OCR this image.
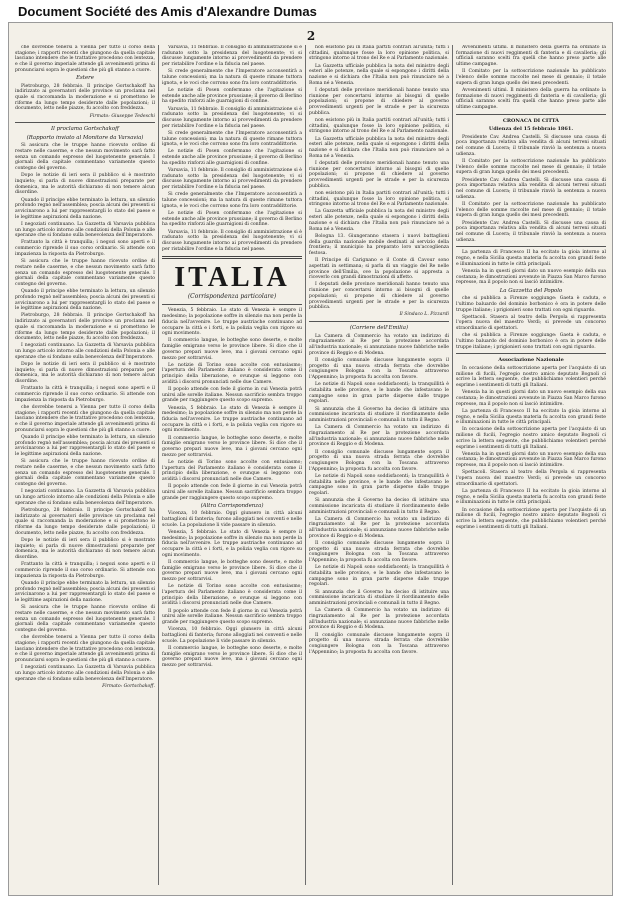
Document Société des Amis d'Alexandre Dumas
2

che dovrebbe tenersi a Vienna per tutto il corso della stagione; i rapporti recenti che giungono da quella capitale lasciano intendere che le trattative procedono con lentezza, e che il governo imperiale attende gli avvenimenti prima di pronunciarsi sopra le questioni che più gli stanno a cuore.

Estere

Pietroburgo, 28 febbraio. Il principe Gortschakoff ha indirizzato ai governatori delle province un proclama nel quale si raccomanda la moderazione e si promettono le riforme da lungo tempo desiderate dalle popolazioni; il documento, letto nelle piazze, fu accolto con freddezza.

Firmato: Giuseppe Tedeschi

Il proclama Gortschakoff

(Rapporto inviato al Monitore da Varsavia)

Si assicura che le truppe hanno ricevuto ordine di restare nelle caserme, e che nessun movimento sarà fatto senza un comando espresso del luogotenente generale. I giornali della capitale commentano variamente questo contegno del governo.

Dopo le notizie di ieri sera il pubblico si è mostrato inquieto; si parla di nuove dimostrazioni preparate per domenica, ma le autorità dichiarano di non temere alcun disordine.

Quando il principe ebbe terminato la lettura, un silenzio profondo regnò nell'assemblea; poscia alcuni dei presenti si avvicinarono a lui per rappresentargli lo stato del paese e le legittime aspirazioni della nazione.

I negoziati continuano. La Gazzetta di Varsavia pubblica un lungo articolo intorno alle condizioni della Polonia e alle speranze che si fondano sulla benevolenza dell'Imperatore.

Frattanto la città è tranquilla; i negozi sono aperti e il commercio riprende il suo corso ordinario. Si attende con impazienza la risposta da Pietroburgo.

Si assicura che le truppe hanno ricevuto ordine di restare nelle caserme, e che nessun movimento sarà fatto senza un comando espresso del luogotenente generale. I giornali della capitale commentano variamente questo contegno del governo.

Quando il principe ebbe terminato la lettura, un silenzio profondo regnò nell'assemblea; poscia alcuni dei presenti si avvicinarono a lui per rappresentargli lo stato del paese e le legittime aspirazioni della nazione.

Pietroburgo, 28 febbraio. Il principe Gortschakoff ha indirizzato ai governatori delle province un proclama nel quale si raccomanda la moderazione e si promettono le riforme da lungo tempo desiderate dalle popolazioni; il documento, letto nelle piazze, fu accolto con freddezza.

I negoziati continuano. La Gazzetta di Varsavia pubblica un lungo articolo intorno alle condizioni della Polonia e alle speranze che si fondano sulla benevolenza dell'Imperatore.

Dopo le notizie di ieri sera il pubblico si è mostrato inquieto; si parla di nuove dimostrazioni preparate per domenica, ma le autorità dichiarano di non temere alcun disordine.

Frattanto la città è tranquilla; i negozi sono aperti e il commercio riprende il suo corso ordinario. Si attende con impazienza la risposta da Pietroburgo.

che dovrebbe tenersi a Vienna per tutto il corso della stagione; i rapporti recenti che giungono da quella capitale lasciano intendere che le trattative procedono con lentezza, e che il governo imperiale attende gli avvenimenti prima di pronunciarsi sopra le questioni che più gli stanno a cuore.

Quando il principe ebbe terminato la lettura, un silenzio profondo regnò nell'assemblea; poscia alcuni dei presenti si avvicinarono a lui per rappresentargli lo stato del paese e le legittime aspirazioni della nazione.

Si assicura che le truppe hanno ricevuto ordine di restare nelle caserme, e che nessun movimento sarà fatto senza un comando espresso del luogotenente generale. I giornali della capitale commentano variamente questo contegno del governo.

I negoziati continuano. La Gazzetta di Varsavia pubblica un lungo articolo intorno alle condizioni della Polonia e alle speranze che si fondano sulla benevolenza dell'Imperatore.

Pietroburgo, 28 febbraio. Il principe Gortschakoff ha indirizzato ai governatori delle province un proclama nel quale si raccomanda la moderazione e si promettono le riforme da lungo tempo desiderate dalle popolazioni; il documento, letto nelle piazze, fu accolto con freddezza.

Dopo le notizie di ieri sera il pubblico si è mostrato inquieto; si parla di nuove dimostrazioni preparate per domenica, ma le autorità dichiarano di non temere alcun disordine.

Frattanto la città è tranquilla; i negozi sono aperti e il commercio riprende il suo corso ordinario. Si attende con impazienza la risposta da Pietroburgo.

Quando il principe ebbe terminato la lettura, un silenzio profondo regnò nell'assemblea; poscia alcuni dei presenti si avvicinarono a lui per rappresentargli lo stato del paese e le legittime aspirazioni della nazione.

Si assicura che le truppe hanno ricevuto ordine di restare nelle caserme, e che nessun movimento sarà fatto senza un comando espresso del luogotenente generale. I giornali della capitale commentano variamente questo contegno del governo.

che dovrebbe tenersi a Vienna per tutto il corso della stagione; i rapporti recenti che giungono da quella capitale lasciano intendere che le trattative procedono con lentezza, e che il governo imperiale attende gli avvenimenti prima di pronunciarsi sopra le questioni che più gli stanno a cuore.

I negoziati continuano. La Gazzetta di Varsavia pubblica un lungo articolo intorno alle condizioni della Polonia e alle speranze che si fondano sulla benevolenza dell'Imperatore.

Firmato: Gortschakoff.

Varsavia, 11 febbraio. Il consiglio di amministrazione si è radunato sotto la presidenza del luogotenente; vi si discusse lungamente intorno ai provvedimenti da prendere per ristabilire l'ordine e la fiducia nel paese.

Si crede generalmente che l'Imperatore acconsentirà a talune concessioni; ma la natura di queste rimane tuttora ignota, e le voci che corrono sono fra loro contraddittorie.

Le notizie di Posen confermano che l'agitazione si estende anche alle province prussiane; il governo di Berlino ha spedito rinforzi alle guarnigioni di confine.

Varsavia, 11 febbraio. Il consiglio di amministrazione si è radunato sotto la presidenza del luogotenente; vi si discusse lungamente intorno ai provvedimenti da prendere per ristabilire l'ordine e la fiducia nel paese.

Si crede generalmente che l'Imperatore acconsentirà a talune concessioni; ma la natura di queste rimane tuttora ignota, e le voci che corrono sono fra loro contraddittorie.

Le notizie di Posen confermano che l'agitazione si estende anche alle province prussiane; il governo di Berlino ha spedito rinforzi alle guarnigioni di confine.

Varsavia, 11 febbraio. Il consiglio di amministrazione si è radunato sotto la presidenza del luogotenente; vi si discusse lungamente intorno ai provvedimenti da prendere per ristabilire l'ordine e la fiducia nel paese.

Si crede generalmente che l'Imperatore acconsentirà a talune concessioni; ma la natura di queste rimane tuttora ignota, e le voci che corrono sono fra loro contraddittorie.

Le notizie di Posen confermano che l'agitazione si estende anche alle province prussiane; il governo di Berlino ha spedito rinforzi alle guarnigioni di confine.

Varsavia, 11 febbraio. Il consiglio di amministrazione si è radunato sotto la presidenza del luogotenente; vi si discusse lungamente intorno ai provvedimenti da prendere per ristabilire l'ordine e la fiducia nel paese.

ITALIA
(Corrispondenza particolare)

Venezia, 5 febbraio. Lo stato di Venezia è sempre il medesimo; la popolazione soffre in silenzio ma non perde la fiducia nell'avvenire. Le truppe austriache continuano ad occupare la città e i forti, e la polizia veglia con rigore su ogni movimento.

Il commercio langue, le botteghe sono deserte, e molte famiglie emigrano verso le province libere. Si dice che il governo prepari nuove leve, ma i giovani cercano ogni mezzo per sottrarvisi.

Le notizie di Torino sono accolte con entusiasmo; l'apertura del Parlamento italiano è considerata come il principio della liberazione, e ovunque si leggono con avidità i discorsi pronunciati nelle due Camere.

Il popolo attende con fede il giorno in cui Venezia potrà unirsi alle sorelle italiane. Nessun sacrificio sembra troppo grande per raggiungere questo scopo supremo.

Venezia, 5 febbraio. Lo stato di Venezia è sempre il medesimo; la popolazione soffre in silenzio ma non perde la fiducia nell'avvenire. Le truppe austriache continuano ad occupare la città e i forti, e la polizia veglia con rigore su ogni movimento.

Il commercio langue, le botteghe sono deserte, e molte famiglie emigrano verso le province libere. Si dice che il governo prepari nuove leve, ma i giovani cercano ogni mezzo per sottrarvisi.

Le notizie di Torino sono accolte con entusiasmo; l'apertura del Parlamento italiano è considerata come il principio della liberazione, e ovunque si leggono con avidità i discorsi pronunciati nelle due Camere.

Il popolo attende con fede il giorno in cui Venezia potrà unirsi alle sorelle italiane. Nessun sacrificio sembra troppo grande per raggiungere questo scopo supremo.

(Altra Corrispondenza)

Vicenza, 10 febbraio. Oggi giunsero in città alcuni battaglioni di fanteria; furono alloggiati nei conventi e nelle scuole. La popolazione li vide passare in silenzio.

Venezia, 5 febbraio. Lo stato di Venezia è sempre il medesimo; la popolazione soffre in silenzio ma non perde la fiducia nell'avvenire. Le truppe austriache continuano ad occupare la città e i forti, e la polizia veglia con rigore su ogni movimento.

Il commercio langue, le botteghe sono deserte, e molte famiglie emigrano verso le province libere. Si dice che il governo prepari nuove leve, ma i giovani cercano ogni mezzo per sottrarvisi.

Le notizie di Torino sono accolte con entusiasmo; l'apertura del Parlamento italiano è considerata come il principio della liberazione, e ovunque si leggono con avidità i discorsi pronunciati nelle due Camere.

Il popolo attende con fede il giorno in cui Venezia potrà unirsi alle sorelle italiane. Nessun sacrificio sembra troppo grande per raggiungere questo scopo supremo.

Vicenza, 10 febbraio. Oggi giunsero in città alcuni battaglioni di fanteria; furono alloggiati nei conventi e nelle scuole. La popolazione li vide passare in silenzio.

Il commercio langue, le botteghe sono deserte, e molte famiglie emigrano verso le province libere. Si dice che il governo prepari nuove leve, ma i giovani cercano ogni mezzo per sottrarvisi.

non esistono più in Italia partiti contrari all'unità; tutti i cittadini, qualunque fosse la loro opinione politica, si stringono intorno al trono del Re e al Parlamento nazionale.

La Gazzetta ufficiale pubblica la nota del ministro degli esteri alle potenze, nella quale si espongono i diritti della nazione e si dichiara che l'Italia non può rinunciare né a Roma né a Venezia.

I deputati delle province meridionali hanno tenuto una riunione per concertarsi intorno ai bisogni di quelle popolazioni; si propone di chiedere al governo provvedimenti urgenti per le strade e per la sicurezza pubblica.

non esistono più in Italia partiti contrari all'unità; tutti i cittadini, qualunque fosse la loro opinione politica, si stringono intorno al trono del Re e al Parlamento nazionale.

La Gazzetta ufficiale pubblica la nota del ministro degli esteri alle potenze, nella quale si espongono i diritti della nazione e si dichiara che l'Italia non può rinunciare né a Roma né a Venezia.

I deputati delle province meridionali hanno tenuto una riunione per concertarsi intorno ai bisogni di quelle popolazioni; si propone di chiedere al governo provvedimenti urgenti per le strade e per la sicurezza pubblica.

non esistono più in Italia partiti contrari all'unità; tutti i cittadini, qualunque fosse la loro opinione politica, si stringono intorno al trono del Re e al Parlamento nazionale.

La Gazzetta ufficiale pubblica la nota del ministro degli esteri alle potenze, nella quale si espongono i diritti della nazione e si dichiara che l'Italia non può rinunciare né a Roma né a Venezia.

Bologna 13. Giungeranno stasera i nuovi battaglioni della guardia nazionale mobile destinati al servizio della frontiera; il municipio ha preparato loro un'accoglienza festosa.

Il Principe di Carignano e il Conte di Cavour sono aspettati in settimana; si parla di un viaggio del Re nelle province dell'Emilia, ove la popolazione si appresta a riceverlo con grandi dimostrazioni di affetto.

I deputati delle province meridionali hanno tenuto una riunione per concertarsi intorno ai bisogni di quelle popolazioni; si propone di chiedere al governo provvedimenti urgenti per le strade e per la sicurezza pubblica.

Il Sindaco L. Pizzardi

(Corriere dell'Emilia)

La Camera di Commercio ha votato un indirizzo di ringraziamento al Re per la protezione accordata all'industria nazionale; si annunziano nuove fabbriche nelle province di Reggio e di Modena.

Il consiglio comunale discusse lungamente sopra il progetto di una nuova strada ferrata che dovrebbe congiungere Bologna con la Toscana attraverso l'Appennino; la proposta fu accolta con favore.

Le notizie di Napoli sono soddisfacenti; la tranquillità è ristabilita nelle province, e le bande che infestavano le campagne sono in gran parte disperse dalle truppe regolari.

Si annunzia che il Governo ha deciso di istituire una commissione incaricata di studiare il riordinamento delle amministrazioni provinciali e comunali in tutto il Regno.

La Camera di Commercio ha votato un indirizzo di ringraziamento al Re per la protezione accordata all'industria nazionale; si annunziano nuove fabbriche nelle province di Reggio e di Modena.

Il consiglio comunale discusse lungamente sopra il progetto di una nuova strada ferrata che dovrebbe congiungere Bologna con la Toscana attraverso l'Appennino; la proposta fu accolta con favore.

Le notizie di Napoli sono soddisfacenti; la tranquillità è ristabilita nelle province, e le bande che infestavano le campagne sono in gran parte disperse dalle truppe regolari.

Si annunzia che il Governo ha deciso di istituire una commissione incaricata di studiare il riordinamento delle amministrazioni provinciali e comunali in tutto il Regno.

La Camera di Commercio ha votato un indirizzo di ringraziamento al Re per la protezione accordata all'industria nazionale; si annunziano nuove fabbriche nelle province di Reggio e di Modena.

Il consiglio comunale discusse lungamente sopra il progetto di una nuova strada ferrata che dovrebbe congiungere Bologna con la Toscana attraverso l'Appennino; la proposta fu accolta con favore.

Le notizie di Napoli sono soddisfacenti; la tranquillità è ristabilita nelle province, e le bande che infestavano le campagne sono in gran parte disperse dalle truppe regolari.

Si annunzia che il Governo ha deciso di istituire una commissione incaricata di studiare il riordinamento delle amministrazioni provinciali e comunali in tutto il Regno.

La Camera di Commercio ha votato un indirizzo di ringraziamento al Re per la protezione accordata all'industria nazionale; si annunziano nuove fabbriche nelle province di Reggio e di Modena.

Il consiglio comunale discusse lungamente sopra il progetto di una nuova strada ferrata che dovrebbe congiungere Bologna con la Toscana attraverso l'Appennino; la proposta fu accolta con favore.

Avvenimenti ultimi. Il ministero della guerra ha ordinato la formazione di nuovi reggimenti di fanteria e di cavalleria; gli ufficiali saranno scelti fra quelli che hanno preso parte alle ultime campagne.

Il Comitato per la sottoscrizione nazionale ha pubblicato l'elenco delle somme raccolte nel mese di gennaio; il totale supera di gran lunga quello dei mesi precedenti.

Avvenimenti ultimi. Il ministero della guerra ha ordinato la formazione di nuovi reggimenti di fanteria e di cavalleria; gli ufficiali saranno scelti fra quelli che hanno preso parte alle ultime campagne.

CRONACA DI CITTÀ

Udienza del 15 febbraio 1861.

Presidente Cav. Andrea Castelli. Si discusse una causa di poca importanza relativa alla vendita di alcuni terreni situati nel comune di Lucera; il tribunale rinviò la sentenza a nuova udienza.

Il Comitato per la sottoscrizione nazionale ha pubblicato l'elenco delle somme raccolte nel mese di gennaio; il totale supera di gran lunga quello dei mesi precedenti.

Presidente Cav. Andrea Castelli. Si discusse una causa di poca importanza relativa alla vendita di alcuni terreni situati nel comune di Lucera; il tribunale rinviò la sentenza a nuova udienza.

Il Comitato per la sottoscrizione nazionale ha pubblicato l'elenco delle somme raccolte nel mese di gennaio; il totale supera di gran lunga quello dei mesi precedenti.

Presidente Cav. Andrea Castelli. Si discusse una causa di poca importanza relativa alla vendita di alcuni terreni situati nel comune di Lucera; il tribunale rinviò la sentenza a nuova udienza.

La partenza di Francesco II ha eccitato la gioia intorno al regno, e nella Sicilia questa materia fu accolta con grandi feste e illuminazioni in tutte le città principali.

Venezia ha in questi giorni dato un nuovo esempio della sua costanza; le dimostrazioni avvenute in Piazza San Marco furono represse, ma il popolo non si lasciò intimidire.

La Gazzetta del Popolo

che si pubblica a Firenze soggiunge: Gaeta è caduta, e l'ultimo baluardo del dominio borbonico è ora in potere delle truppe italiane; i prigionieri sono trattati con ogni riguardo.

Spettacoli. Stasera al teatro della Pergola si rappresenta l'opera nuova del maestro Verdi; si prevede un concorso straordinario di spettatori.

che si pubblica a Firenze soggiunge: Gaeta è caduta, e l'ultimo baluardo del dominio borbonico è ora in potere delle truppe italiane; i prigionieri sono trattati con ogni riguardo.

Associazione Nazionale

In occasione della sottoscrizione aperta per l'acquisto di un milione di fucili, l'egregio nostro amico deputato Bognoli ci scrive la lettera seguente, che pubblichiamo volentieri perché esprime i sentimenti di tutti gli Italiani.

Venezia ha in questi giorni dato un nuovo esempio della sua costanza; le dimostrazioni avvenute in Piazza San Marco furono represse, ma il popolo non si lasciò intimidire.

La partenza di Francesco II ha eccitato la gioia intorno al regno, e nella Sicilia questa materia fu accolta con grandi feste e illuminazioni in tutte le città principali.

In occasione della sottoscrizione aperta per l'acquisto di un milione di fucili, l'egregio nostro amico deputato Bognoli ci scrive la lettera seguente, che pubblichiamo volentieri perché esprime i sentimenti di tutti gli Italiani.

Venezia ha in questi giorni dato un nuovo esempio della sua costanza; le dimostrazioni avvenute in Piazza San Marco furono represse, ma il popolo non si lasciò intimidire.

Spettacoli. Stasera al teatro della Pergola si rappresenta l'opera nuova del maestro Verdi; si prevede un concorso straordinario di spettatori.

La partenza di Francesco II ha eccitato la gioia intorno al regno, e nella Sicilia questa materia fu accolta con grandi feste e illuminazioni in tutte le città principali.

In occasione della sottoscrizione aperta per l'acquisto di un milione di fucili, l'egregio nostro amico deputato Bognoli ci scrive la lettera seguente, che pubblichiamo volentieri perché esprime i sentimenti di tutti gli Italiani.
